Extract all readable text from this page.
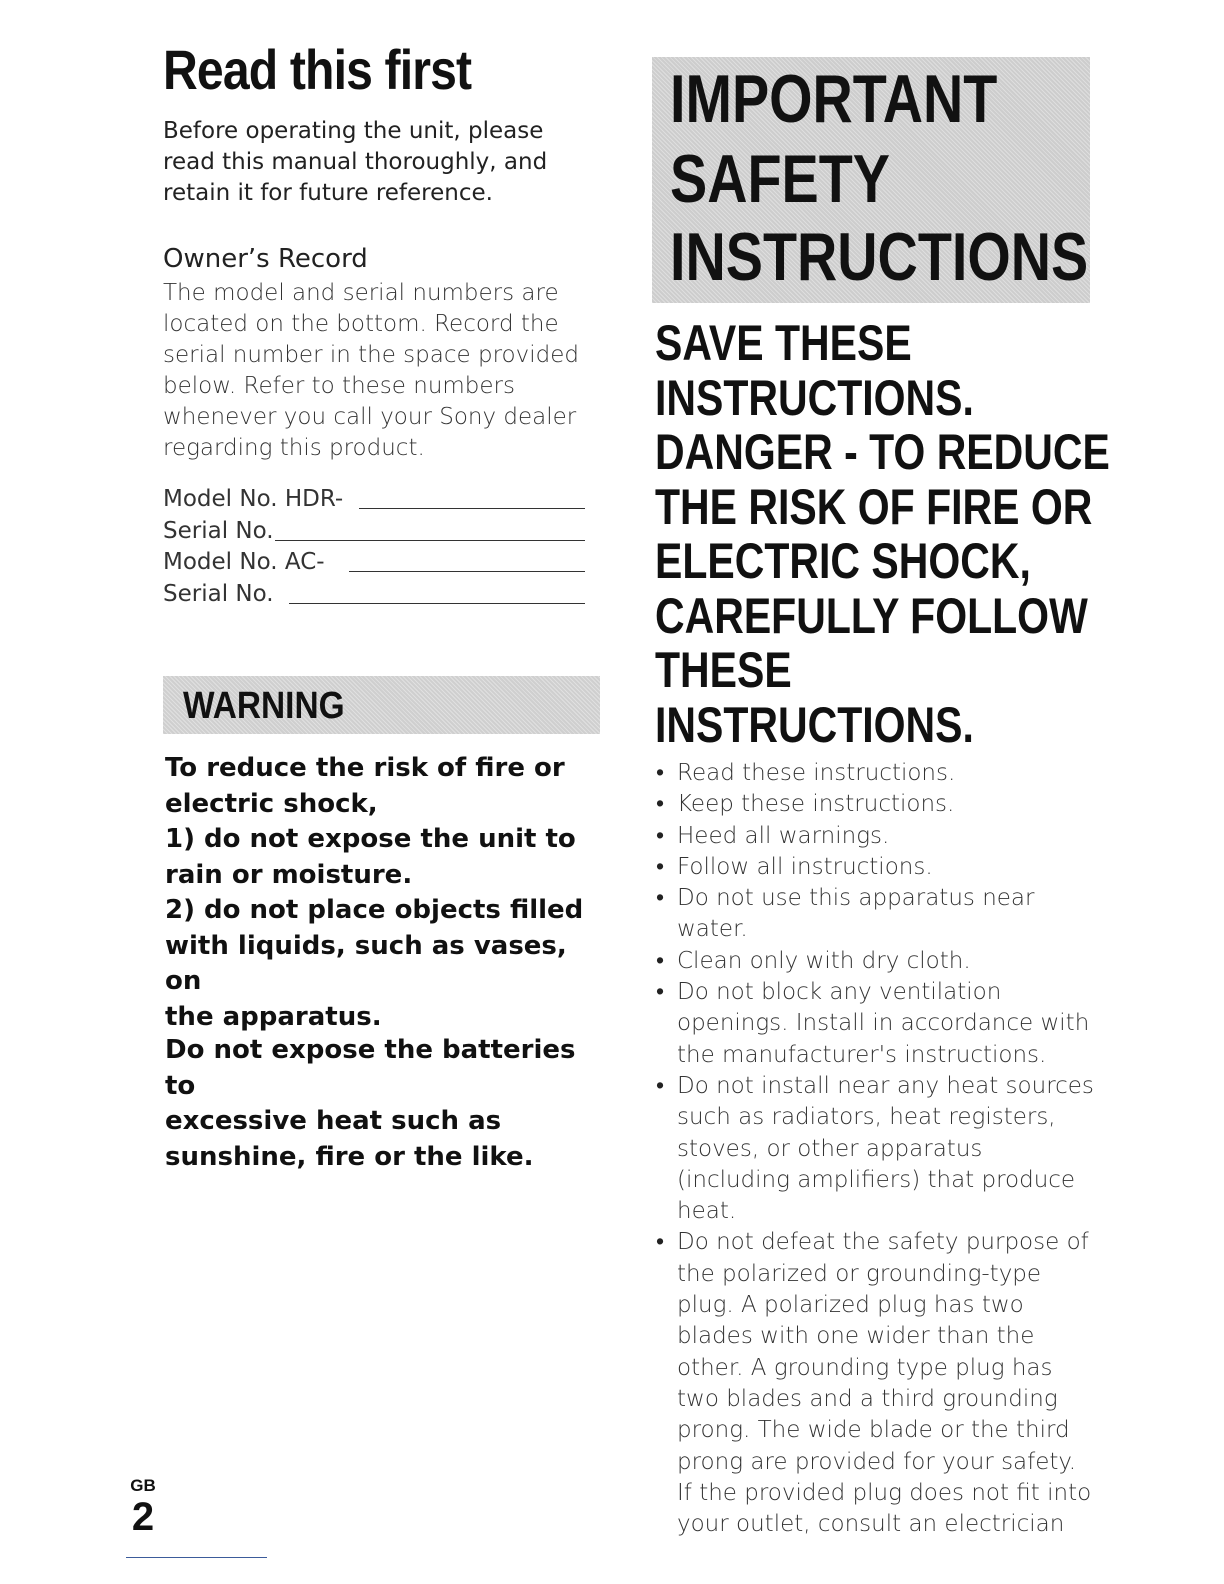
Read this first

Before operating the unit, please read this manual thoroughly, and retain it for future reference.

Owner’s Record

The model and serial numbers are located on the bottom. Record the serial number in the space provided below. Refer to these numbers whenever you call your Sony dealer regarding this product.

Model No. HDR-
Serial No.
Model No. AC-
Serial No.
WARNING
To reduce the risk of fire or
electric shock,
1) do not expose the unit to
rain or moisture.
2) do not place objects filled
with liquids, such as vases, on
the apparatus.
Do not expose the batteries to
excessive heat such as
sunshine, fire or the like.
GB
2
IMPORTANT
SAFETY
INSTRUCTIONS
SAVE THESE
INSTRUCTIONS.
DANGER - TO REDUCE
THE RISK OF FIRE OR
ELECTRIC SHOCK,
CAREFULLY FOLLOW
THESE
INSTRUCTIONS.
• Read these instructions.
• Keep these instructions.
• Heed all warnings.
• Follow all instructions.
• Do not use this apparatus near water.
• Clean only with dry cloth.
• Do not block any ventilation openings. Install in accordance with the manufacturer's instructions.
• Do not install near any heat sources such as radiators, heat registers, stoves, or other apparatus (including amplifiers) that produce heat.
• Do not defeat the safety purpose of the polarized or grounding-type plug. A polarized plug has two blades with one wider than the other. A grounding type plug has two blades and a third grounding prong. The wide blade or the third prong are provided for your safety. If the provided plug does not fit into your outlet, consult an electrician
